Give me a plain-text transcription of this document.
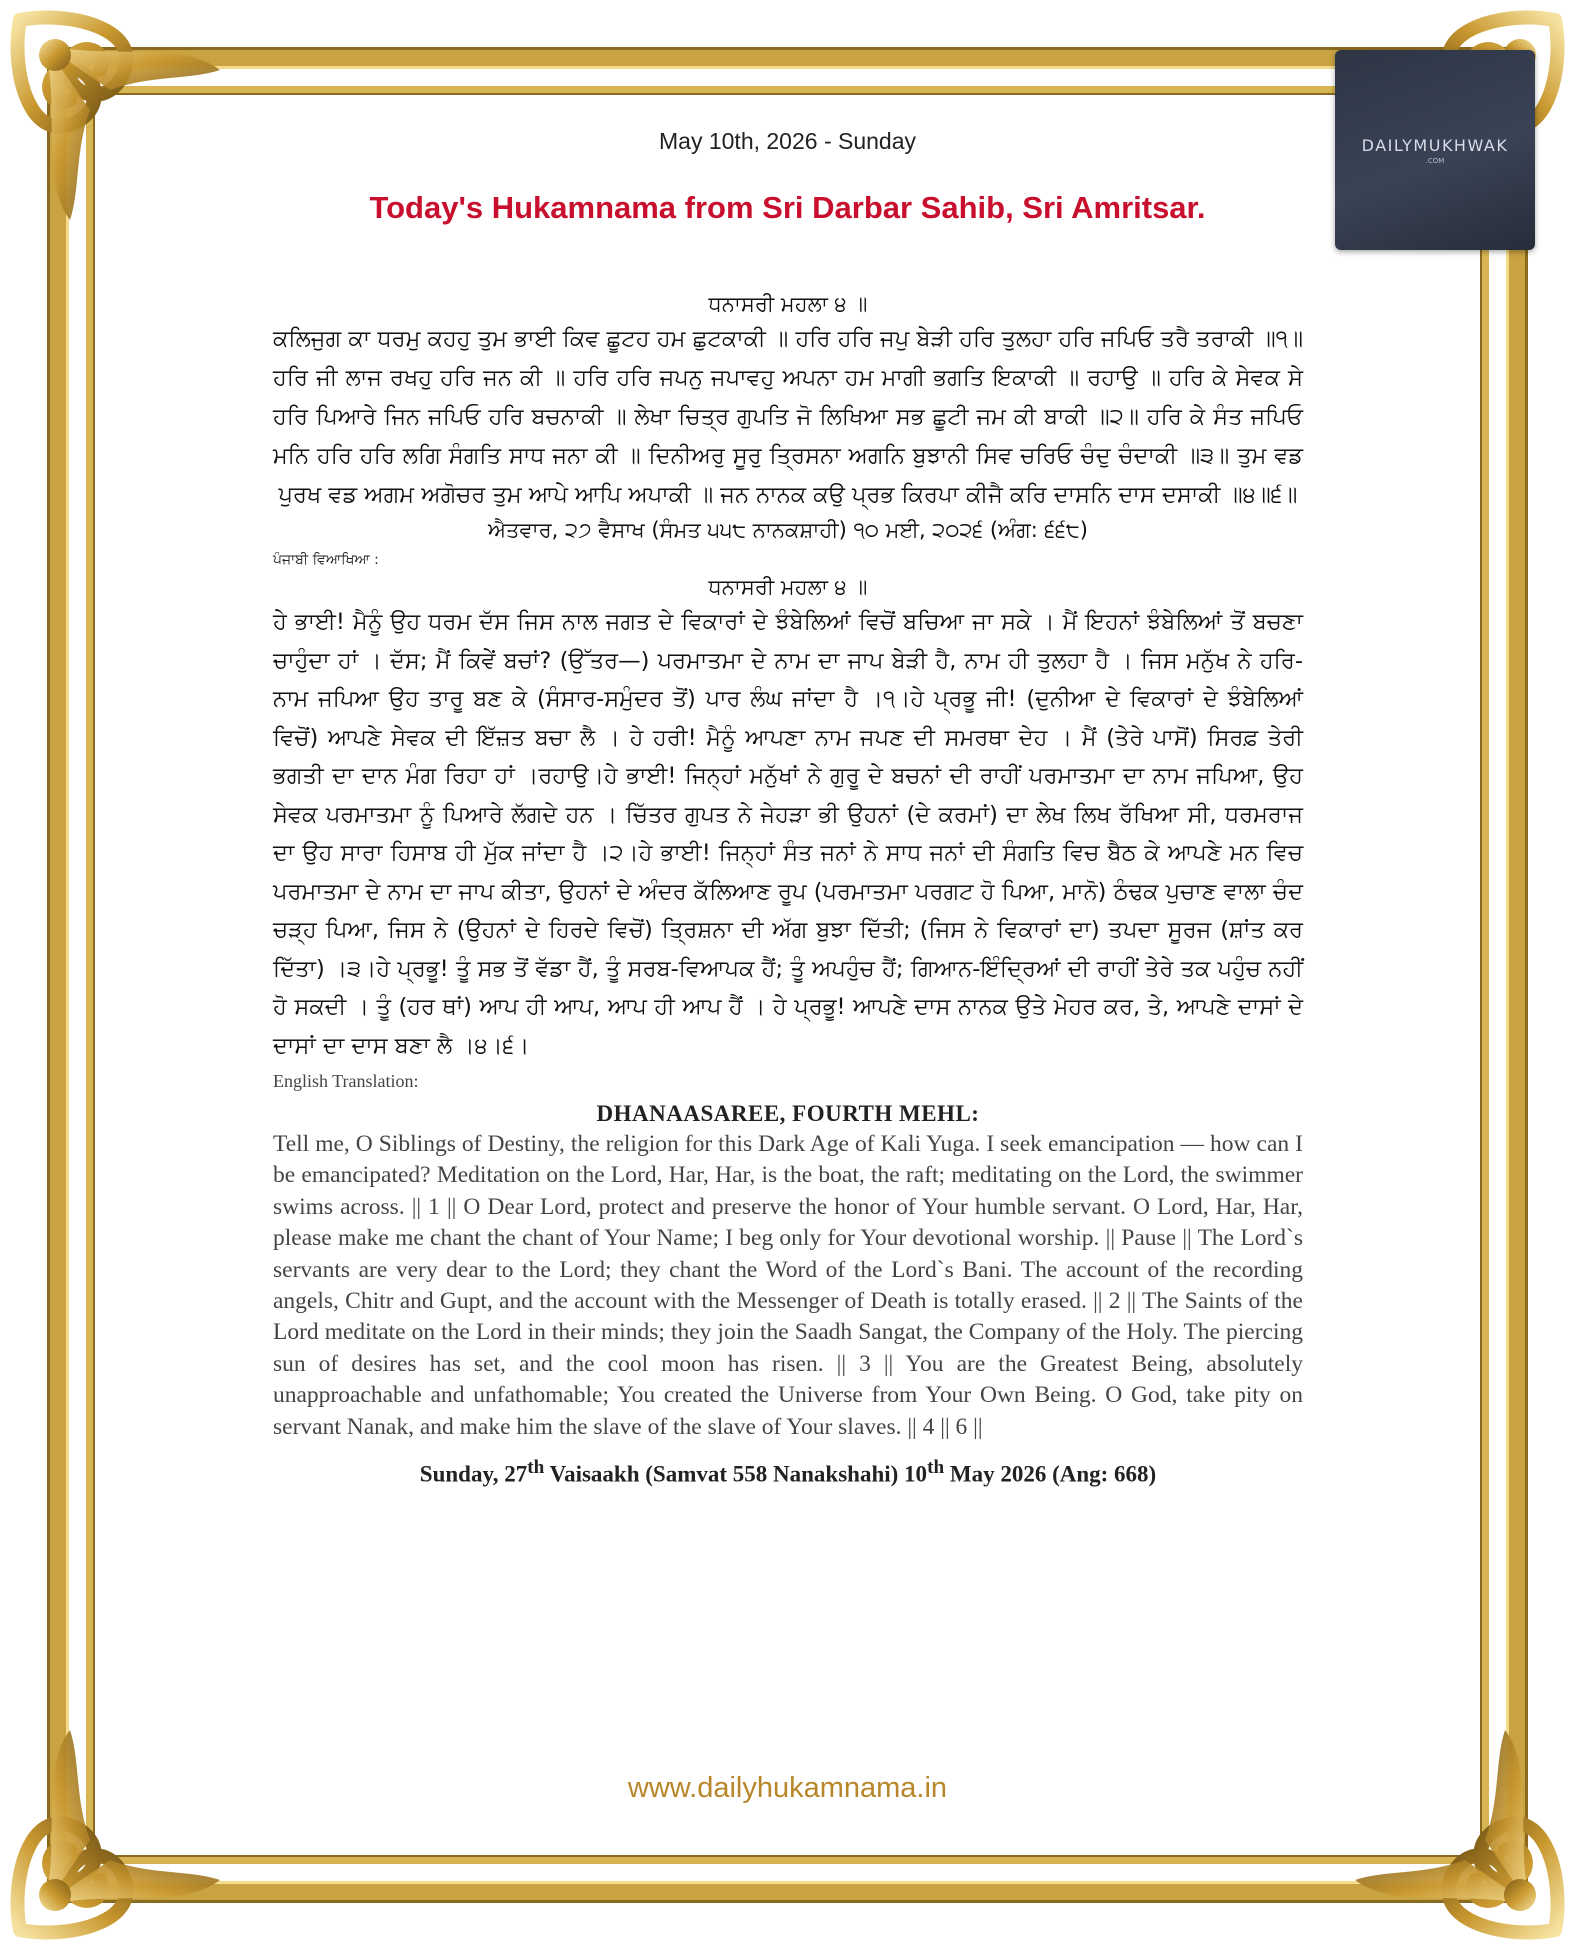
DAILYMUKHWAK
.COM
May 10th, 2026 - Sunday
Today's Hukamnama from Sri Darbar Sahib, Sri Amritsar.

ਧਨਾਸਰੀ ਮਹਲਾ ੪ ॥

ਕਲਿਜੁਗ ਕਾ ਧਰਮੁ ਕਹਹੁ ਤੁਮ ਭਾਈ ਕਿਵ ਛੂਟਹ ਹਮ ਛੁਟਕਾਕੀ ॥ ਹਰਿ ਹਰਿ ਜਪੁ ਬੇੜੀ ਹਰਿ ਤੁਲਹਾ ਹਰਿ ਜਪਿਓ ਤਰੈ ਤਰਾਕੀ ॥੧॥ ਹਰਿ ਜੀ ਲਾਜ ਰਖਹੁ ਹਰਿ ਜਨ ਕੀ ॥ ਹਰਿ ਹਰਿ ਜਪਨੁ ਜਪਾਵਹੁ ਅਪਨਾ ਹਮ ਮਾਗੀ ਭਗਤਿ ਇਕਾਕੀ ॥ ਰਹਾਉ ॥ ਹਰਿ ਕੇ ਸੇਵਕ ਸੇ ਹਰਿ ਪਿਆਰੇ ਜਿਨ ਜਪਿਓ ਹਰਿ ਬਚਨਾਕੀ ॥ ਲੇਖਾ ਚਿਤ੍ਰ ਗੁਪਤਿ ਜੋ ਲਿਖਿਆ ਸਭ ਛੂਟੀ ਜਮ ਕੀ ਬਾਕੀ ॥੨॥ ਹਰਿ ਕੇ ਸੰਤ ਜਪਿਓ ਮਨਿ ਹਰਿ ਹਰਿ ਲਗਿ ਸੰਗਤਿ ਸਾਧ ਜਨਾ ਕੀ ॥ ਦਿਨੀਅਰੁ ਸੂਰੁ ਤ੍ਰਿਸਨਾ ਅਗਨਿ ਬੁਝਾਨੀ ਸਿਵ ਚਰਿਓ ਚੰਦੁ ਚੰਦਾਕੀ ॥੩॥ ਤੁਮ ਵਡ ਪੁਰਖ ਵਡ ਅਗਮ ਅਗੋਚਰ ਤੁਮ ਆਪੇ ਆਪਿ ਅਪਾਕੀ ॥ ਜਨ ਨਾਨਕ ਕਉ ਪ੍ਰਭ ਕਿਰਪਾ ਕੀਜੈ ਕਰਿ ਦਾਸਨਿ ਦਾਸ ਦਸਾਕੀ ॥੪॥੬॥

ਐਤਵਾਰ, ੨੭ ਵੈਸਾਖ (ਸੰਮਤ ੫੫੮ ਨਾਨਕਸ਼ਾਹੀ) ੧੦ ਮਈ, ੨੦੨੬ (ਅੰਗ: ੬੬੮)

ਪੰਜਾਬੀ ਵਿਆਖਿਆ :

ਧਨਾਸਰੀ ਮਹਲਾ ੪ ॥

ਹੇ ਭਾਈ! ਮੈਨੂੰ ਉਹ ਧਰਮ ਦੱਸ ਜਿਸ ਨਾਲ ਜਗਤ ਦੇ ਵਿਕਾਰਾਂ ਦੇ ਝੰਬੇਲਿਆਂ ਵਿਚੋਂ ਬਚਿਆ ਜਾ ਸਕੇ । ਮੈਂ ਇਹਨਾਂ ਝੰਬੇਲਿਆਂ ਤੋਂ ਬਚਣਾ ਚਾਹੁੰਦਾ ਹਾਂ । ਦੱਸ; ਮੈਂ ਕਿਵੇਂ ਬਚਾਂ? (ਉੱਤਰ—) ਪਰਮਾਤਮਾ ਦੇ ਨਾਮ ਦਾ ਜਾਪ ਬੇੜੀ ਹੈ, ਨਾਮ ਹੀ ਤੁਲਹਾ ਹੈ । ਜਿਸ ਮਨੁੱਖ ਨੇ ਹਰਿ-ਨਾਮ ਜਪਿਆ ਉਹ ਤਾਰੂ ਬਣ ਕੇ (ਸੰਸਾਰ-ਸਮੁੰਦਰ ਤੋਂ) ਪਾਰ ਲੰਘ ਜਾਂਦਾ ਹੈ ।੧।ਹੇ ਪ੍ਰਭੂ ਜੀ! (ਦੁਨੀਆ ਦੇ ਵਿਕਾਰਾਂ ਦੇ ਝੰਬੇਲਿਆਂ ਵਿਚੋਂ) ਆਪਣੇ ਸੇਵਕ ਦੀ ਇੱਜ਼ਤ ਬਚਾ ਲੈ । ਹੇ ਹਰੀ! ਮੈਨੂੰ ਆਪਣਾ ਨਾਮ ਜਪਣ ਦੀ ਸਮਰਥਾ ਦੇਹ । ਮੈਂ (ਤੇਰੇ ਪਾਸੋਂ) ਸਿਰਫ਼ ਤੇਰੀ ਭਗਤੀ ਦਾ ਦਾਨ ਮੰਗ ਰਿਹਾ ਹਾਂ ।ਰਹਾਉ।ਹੇ ਭਾਈ! ਜਿਨ੍ਹਾਂ ਮਨੁੱਖਾਂ ਨੇ ਗੁਰੂ ਦੇ ਬਚਨਾਂ ਦੀ ਰਾਹੀਂ ਪਰਮਾਤਮਾ ਦਾ ਨਾਮ ਜਪਿਆ, ਉਹ ਸੇਵਕ ਪਰਮਾਤਮਾ ਨੂੰ ਪਿਆਰੇ ਲੱਗਦੇ ਹਨ । ਚਿੱਤਰ ਗੁਪਤ ਨੇ ਜੇਹੜਾ ਭੀ ਉਹਨਾਂ (ਦੇ ਕਰਮਾਂ) ਦਾ ਲੇਖ ਲਿਖ ਰੱਖਿਆ ਸੀ, ਧਰਮਰਾਜ ਦਾ ਉਹ ਸਾਰਾ ਹਿਸਾਬ ਹੀ ਮੁੱਕ ਜਾਂਦਾ ਹੈ ।੨।ਹੇ ਭਾਈ! ਜਿਨ੍ਹਾਂ ਸੰਤ ਜਨਾਂ ਨੇ ਸਾਧ ਜਨਾਂ ਦੀ ਸੰਗਤਿ ਵਿਚ ਬੈਠ ਕੇ ਆਪਣੇ ਮਨ ਵਿਚ ਪਰਮਾਤਮਾ ਦੇ ਨਾਮ ਦਾ ਜਾਪ ਕੀਤਾ, ਉਹਨਾਂ ਦੇ ਅੰਦਰ ਕੱਲਿਆਣ ਰੂਪ (ਪਰਮਾਤਮਾ ਪਰਗਟ ਹੋ ਪਿਆ, ਮਾਨੋ) ਠੰਢਕ ਪੁਚਾਣ ਵਾਲਾ ਚੰਦ ਚੜ੍ਹ ਪਿਆ, ਜਿਸ ਨੇ (ਉਹਨਾਂ ਦੇ ਹਿਰਦੇ ਵਿਚੋਂ) ਤ੍ਰਿਸ਼ਨਾ ਦੀ ਅੱਗ ਬੁਝਾ ਦਿੱਤੀ; (ਜਿਸ ਨੇ ਵਿਕਾਰਾਂ ਦਾ) ਤਪਦਾ ਸੂਰਜ (ਸ਼ਾਂਤ ਕਰ ਦਿੱਤਾ) ।੩।ਹੇ ਪ੍ਰਭੂ! ਤੂੰ ਸਭ ਤੋਂ ਵੱਡਾ ਹੈਂ, ਤੂੰ ਸਰਬ-ਵਿਆਪਕ ਹੈਂ; ਤੂੰ ਅਪਹੁੰਚ ਹੈਂ; ਗਿਆਨ-ਇੰਦ੍ਰਿਆਂ ਦੀ ਰਾਹੀਂ ਤੇਰੇ ਤਕ ਪਹੁੰਚ ਨਹੀਂ ਹੋ ਸਕਦੀ । ਤੂੰ (ਹਰ ਥਾਂ) ਆਪ ਹੀ ਆਪ, ਆਪ ਹੀ ਆਪ ਹੈਂ । ਹੇ ਪ੍ਰਭੂ! ਆਪਣੇ ਦਾਸ ਨਾਨਕ ਉਤੇ ਮੇਹਰ ਕਰ, ਤੇ, ਆਪਣੇ ਦਾਸਾਂ ਦੇ ਦਾਸਾਂ ਦਾ ਦਾਸ ਬਣਾ ਲੈ ।੪।੬।

English Translation:

DHANAASAREE, FOURTH MEHL:

Tell me, O Siblings of Destiny, the religion for this Dark Age of Kali Yuga. I seek emancipation — how can I be emancipated? Meditation on the Lord, Har, Har, is the boat, the raft; meditating on the Lord, the swimmer swims across. || 1 || O Dear Lord, protect and preserve the honor of Your humble servant. O Lord, Har, Har, please make me chant the chant of Your Name; I beg only for Your devotional worship. || Pause || The Lord`s servants are very dear to the Lord; they chant the Word of the Lord`s Bani. The account of the recording angels, Chitr and Gupt, and the account with the Messenger of Death is totally erased. || 2 || The Saints of the Lord meditate on the Lord in their minds; they join the Saadh Sangat, the Company of the Holy. The piercing sun of desires has set, and the cool moon has risen. || 3 || You are the Greatest Being, absolutely unapproachable and unfathomable; You created the Universe from Your Own Being. O God, take pity on servant Nanak, and make him the slave of the slave of Your slaves. || 4 || 6 ||

Sunday, 27th Vaisaakh (Samvat 558 Nanakshahi) 10th May 2026 (Ang: 668)

www.dailyhukamnama.in
